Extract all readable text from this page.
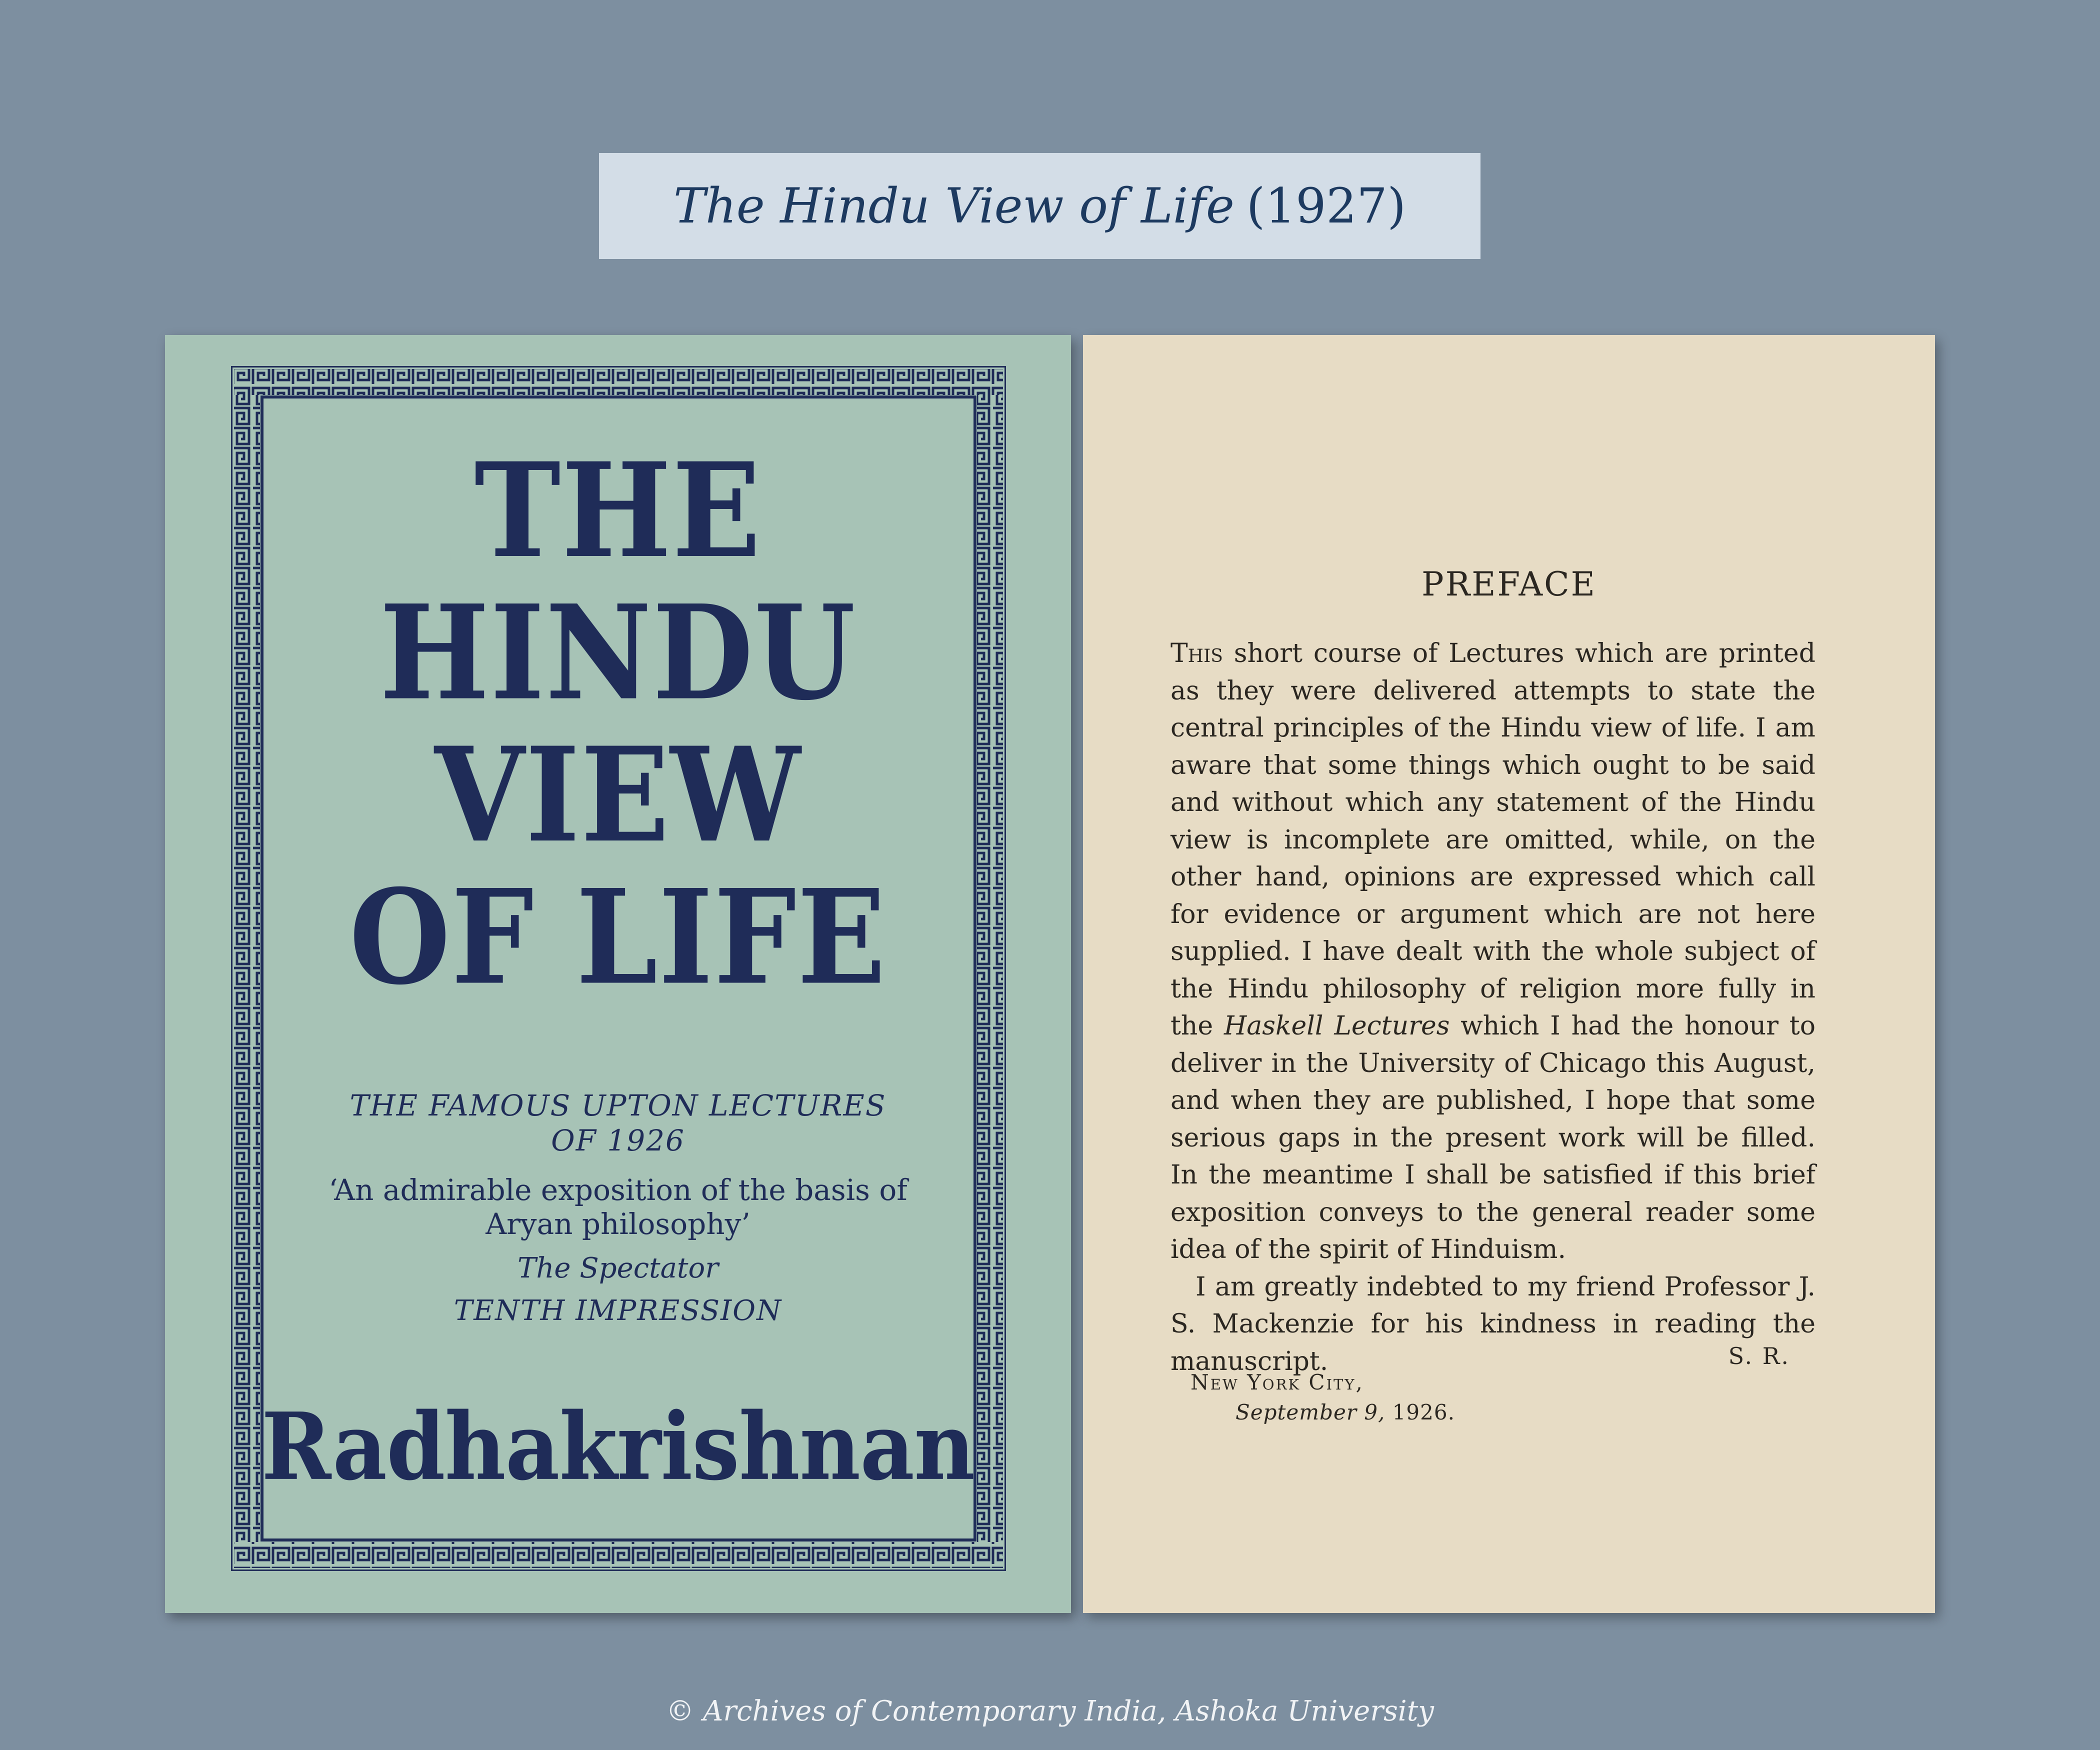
The Hindu View of Life (1927)
THE HINDU
VIEW
OF LIFE
THE FAMOUS UPTON LECTURES
OF 1926
‘An admirable exposition of the basis of
Aryan philosophy’
The Spectator
TENTH IMPRESSION
Radhakrishnan
PREFACE

This short course of Lectures which are printed as they were delivered attempts to state the central principles of the Hindu view of life. I am aware that some things which ought to be said and without which any statement of the Hindu view is incomplete are omitted, while, on the other hand, opinions are expressed which call for evidence or argument which are not here supplied. I have dealt with the whole subject of the Hindu philosophy of religion more fully in the Haskell Lectures which I had the honour to deliver in the University of Chicago this August, and when they are published, I hope that some serious gaps in the present work will be filled. In the meantime I shall be satisfied if this brief exposition conveys to the general reader some idea of the spirit of Hinduism.

I am greatly indebted to my friend Professor J. S. Mackenzie for his kindness in reading the manuscript.	S. R.
New York City,
September 9, 1926.
© Archives of Contemporary India, Ashoka University
